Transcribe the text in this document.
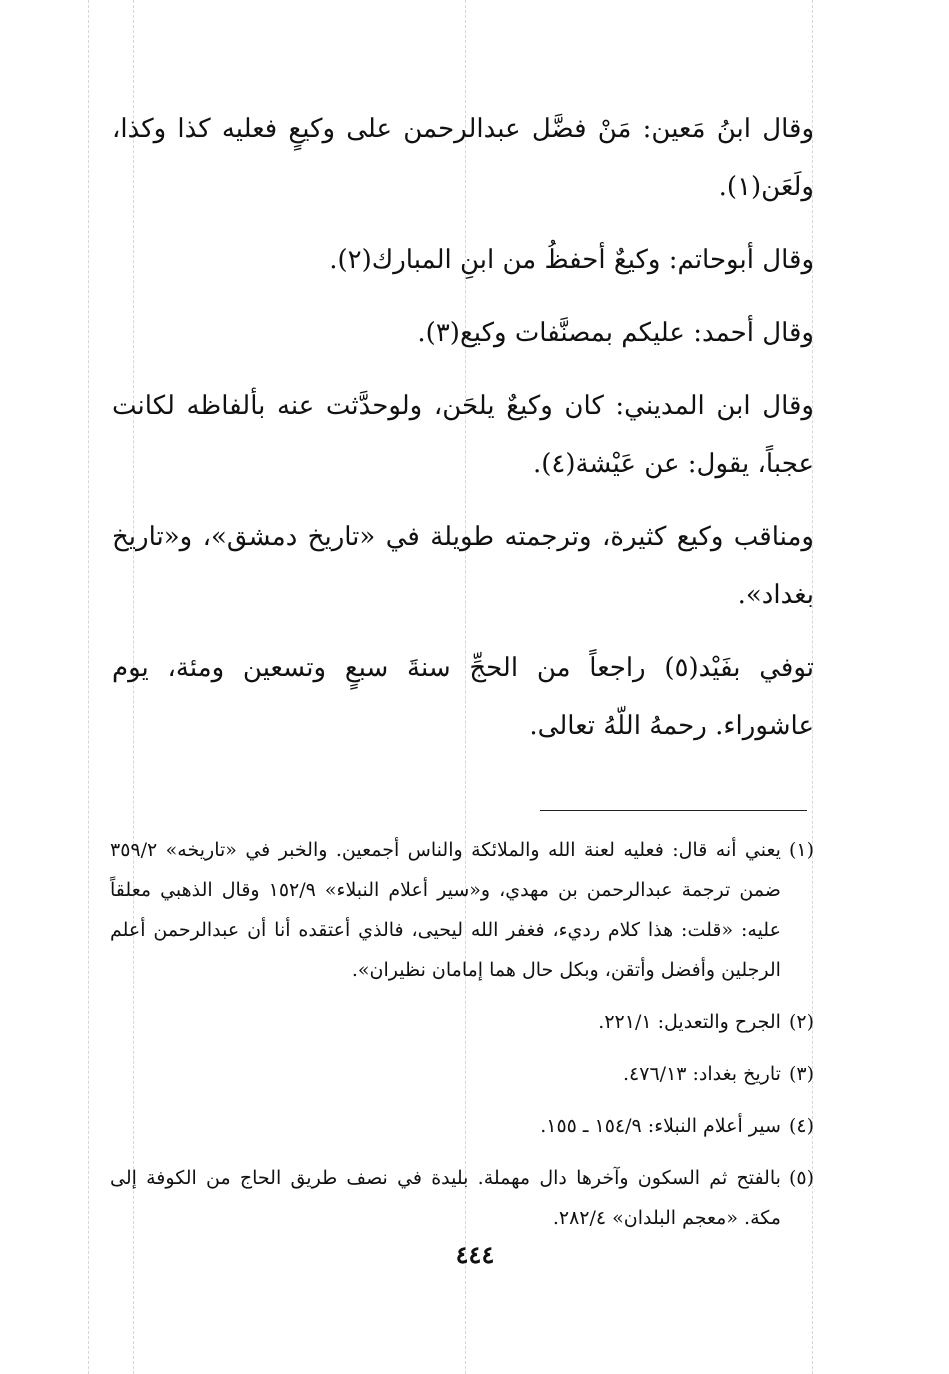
وقال ابنُ مَعين: مَنْ فضَّل عبدالرحمن على وكيعٍ فعليه كذا وكذا، ولَعَن(١).

وقال أبوحاتم: وكيعٌ أحفظُ من ابنِ المبارك(٢).

وقال أحمد: عليكم بمصنَّفات وكيع(٣).

وقال ابن المديني: كان وكيعٌ يلحَن، ولوحدَّثت عنه بألفاظه لكانت عجباً، يقول: عن عَيْشة(٤).

ومناقب وكيع كثيرة، وترجمته طويلة في «تاريخ دمشق»، و«تاريخ بغداد».

توفي بفَيْد(٥) راجعاً من الحجِّ سنةَ سبعٍ وتسعين ومئة، يوم عاشوراء. رحمهُ اللّهُ تعالى.

(١)
يعني أنه قال: فعليه لعنة الله والملائكة والناس أجمعين. والخبر في «تاريخه» ٣٥٩/٢ ضمن ترجمة عبدالرحمن بن مهدي، و«سير أعلام النبلاء» ١٥٢/٩ وقال الذهبي معلقاً عليه: «قلت: هذا كلام رديء، فغفر الله ليحيى، فالذي أعتقده أنا أن عبدالرحمن أعلم الرجلين وأفضل وأتقن، وبكل حال هما إمامان نظيران».
(٢)
الجرح والتعديل: ٢٢١/١.
(٣)
تاريخ بغداد: ٤٧٦/١٣.
(٤)
سير أعلام النبلاء: ١٥٤/٩ ـ ١٥٥.
(٥)
بالفتح ثم السكون وآخرها دال مهملة. بليدة في نصف طريق الحاج من الكوفة إلى مكة. «معجم البلدان» ٢٨٢/٤.
٤٤٤
